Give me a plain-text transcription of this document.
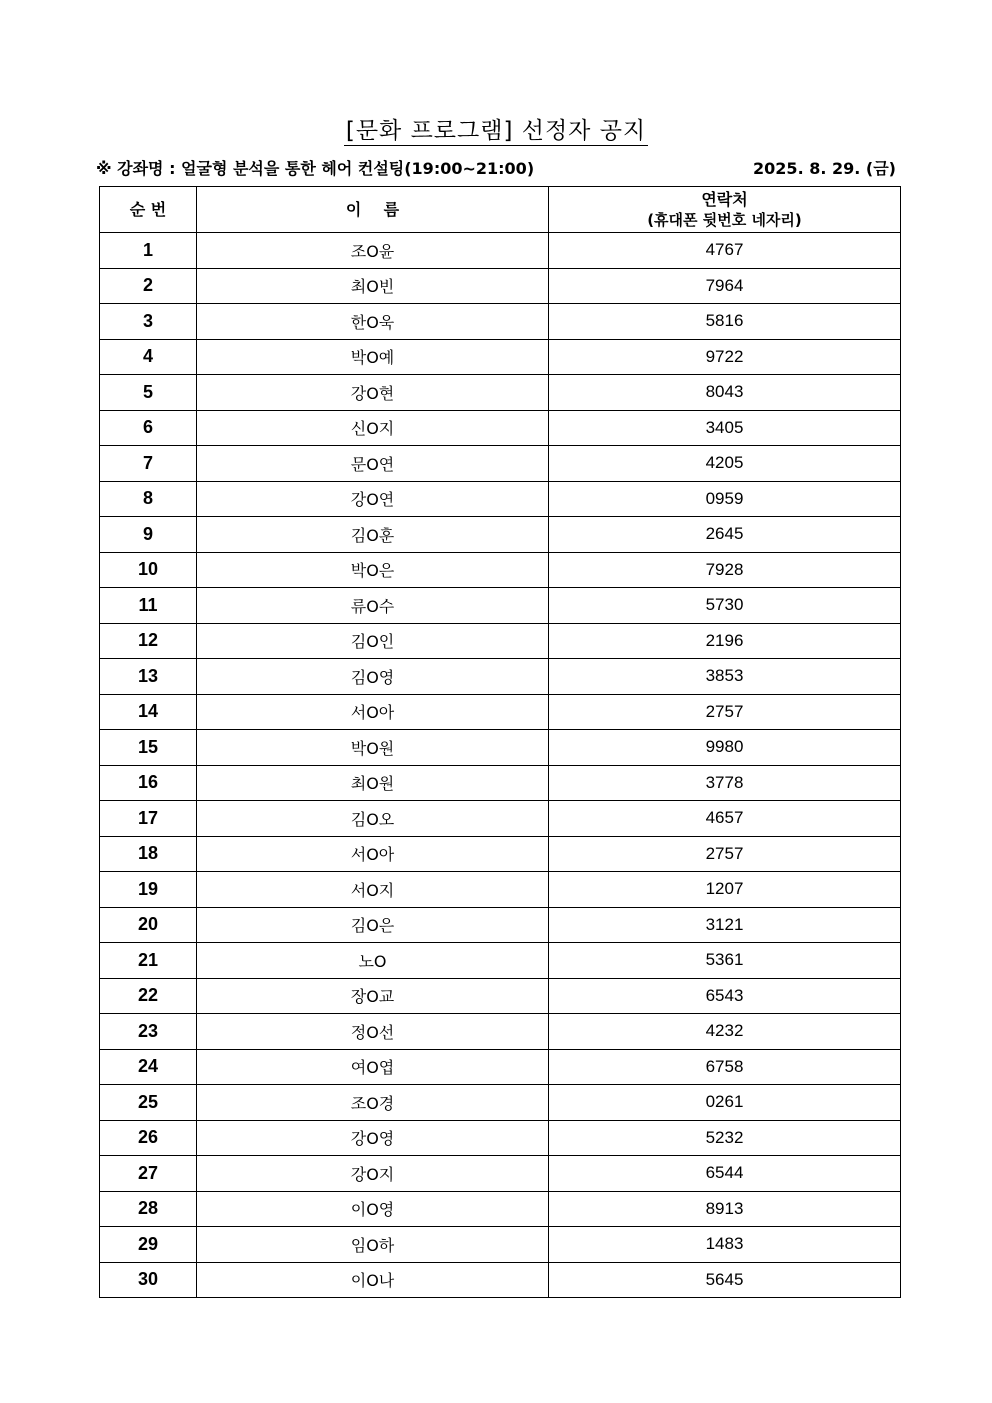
[문화 프로그램] 선정자 공지
※ 강좌명 : 얼굴형 분석을 통한 헤어 컨설팅(19:00~21:00)	2025. 8. 29. (금)
순 번	이    름	연락처
(휴대폰 뒷번호 네자리)

1	조O윤	4767
2	최O빈	7964
3	한O욱	5816
4	박O예	9722
5	강O현	8043
6	신O지	3405
7	문O연	4205
8	강O연	0959
9	김O훈	2645
10	박O은	7928
11	류O수	5730
12	김O인	2196
13	김O영	3853
14	서O아	2757
15	박O원	9980
16	최O원	3778
17	김O오	4657
18	서O아	2757
19	서O지	1207
20	김O은	3121
21	노O	5361
22	장O교	6543
23	정O선	4232
24	여O엽	6758
25	조O경	0261
26	강O영	5232
27	강O지	6544
28	이O영	8913
29	임O하	1483
30	이O나	5645
